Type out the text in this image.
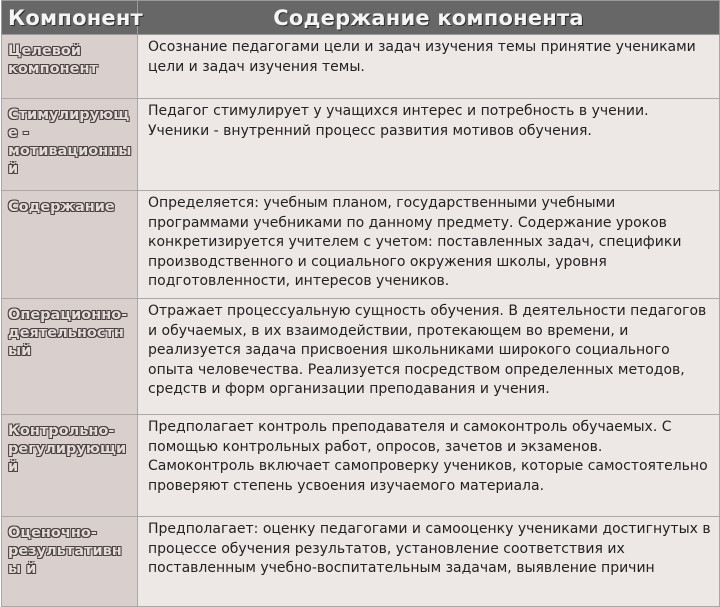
Компонент	Содержание компонента
Целевой компонент	Осознание педагогами цели и задач изучения темы принятие учениками цели и задач изучения темы.
Стимулирующе - мотивационны й	Педагог стимулирует у учащихся интерес и потребность в учении. Ученики - внутренний процесс развития мотивов обучения.
Содержание	Определяется: учебным планом, государственными учебными программами учебниками по данному предмету. Содержание уроков конкретизируется учителем с учетом: поставленных задач, специфики производственного и социального окружения школы, уровня подготовленности, интересов учеников.
Операционно- деятельностн ый	Отражает процессуальную сущность обучения. В деятельности педагогов и обучаемых, в их взаимодействии, протекающем во времени, и реализуется задача присвоения школьниками широкого социального опыта человечества. Реализуется посредством определенных методов, средств и форм организации преподавания и учения.
Контрольно- регулирующий	Предполагает контроль преподавателя и самоконтроль обучаемых. С помощью контрольных работ, опросов, зачетов и экзаменов. Самоконтроль включает самопроверку учеников, которые самостоятельно проверяют степень усвоения изучаемого материала.
Оценочно- результативны й	Предполагает: оценку педагогами и самооценку учениками достигнутых в процессе обучения результатов, установление соответствия их поставленным учебно-воспитательным задачам, выявление причин
